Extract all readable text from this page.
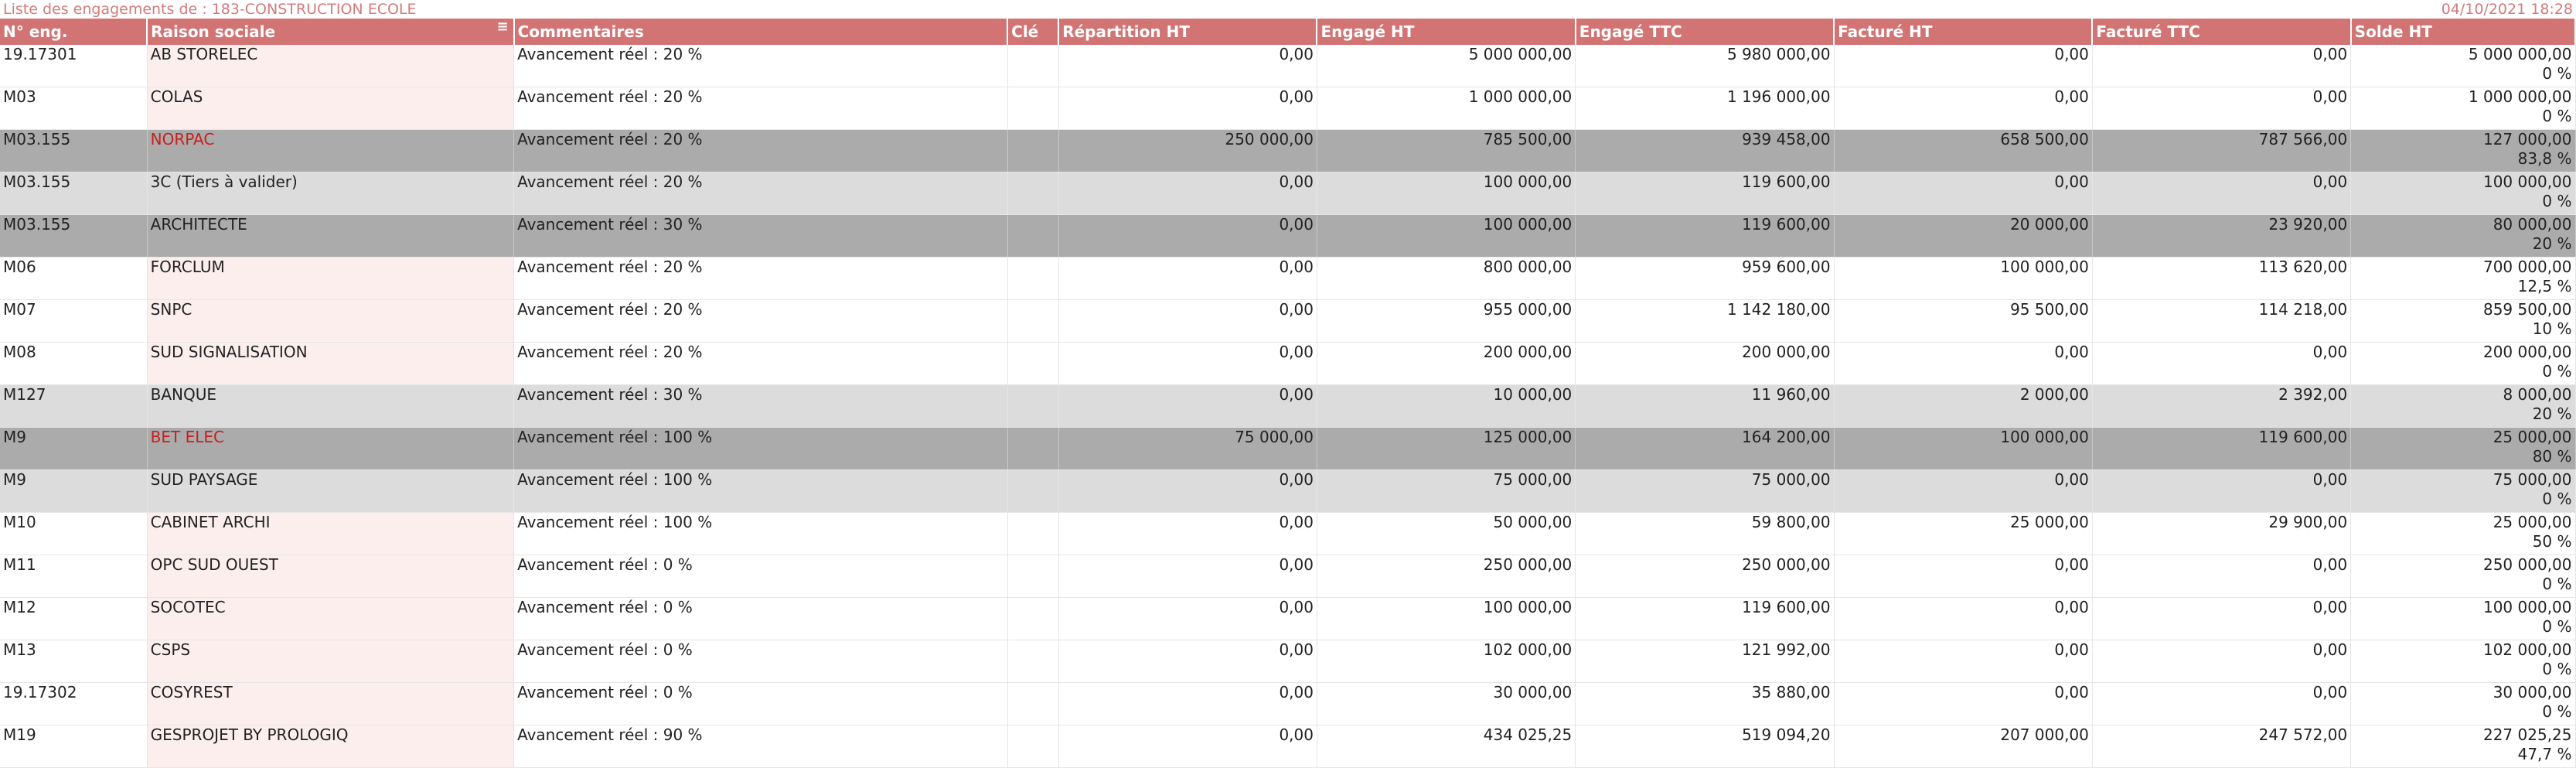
Liste des engagements de : 183-CONSTRUCTION ECOLE	04/10/2021 18:28
N° eng.	Raison sociale ≡	Commentaires	Clé	Répartition HT	Engagé HT	Engagé TTC	Facturé HT	Facturé TTC	Solde HT
19.17301	AB STORELEC	Avancement réel : 20 %		0,00	5 000 000,00	5 980 000,00	0,00	0,00	5 000 000,00
0 %

M03	COLAS	Avancement réel : 20 %		0,00	1 000 000,00	1 196 000,00	0,00	0,00	1 000 000,00
0 %

M03.155	NORPAC	Avancement réel : 20 %		250 000,00	785 500,00	939 458,00	658 500,00	787 566,00	127 000,00
83,8 %

M03.155	3C (Tiers à valider)	Avancement réel : 20 %		0,00	100 000,00	119 600,00	0,00	0,00	100 000,00
0 %

M03.155	ARCHITECTE	Avancement réel : 30 %		0,00	100 000,00	119 600,00	20 000,00	23 920,00	80 000,00
20 %

M06	FORCLUM	Avancement réel : 20 %		0,00	800 000,00	959 600,00	100 000,00	113 620,00	700 000,00
12,5 %

M07	SNPC	Avancement réel : 20 %		0,00	955 000,00	1 142 180,00	95 500,00	114 218,00	859 500,00
10 %

M08	SUD SIGNALISATION	Avancement réel : 20 %		0,00	200 000,00	200 000,00	0,00	0,00	200 000,00
0 %

M127	BANQUE	Avancement réel : 30 %		0,00	10 000,00	11 960,00	2 000,00	2 392,00	8 000,00
20 %

M9	BET ELEC	Avancement réel : 100 %		75 000,00	125 000,00	164 200,00	100 000,00	119 600,00	25 000,00
80 %

M9	SUD PAYSAGE	Avancement réel : 100 %		0,00	75 000,00	75 000,00	0,00	0,00	75 000,00
0 %

M10	CABINET ARCHI	Avancement réel : 100 %		0,00	50 000,00	59 800,00	25 000,00	29 900,00	25 000,00
50 %

M11	OPC SUD OUEST	Avancement réel : 0 %		0,00	250 000,00	250 000,00	0,00	0,00	250 000,00
0 %

M12	SOCOTEC	Avancement réel : 0 %		0,00	100 000,00	119 600,00	0,00	0,00	100 000,00
0 %

M13	CSPS	Avancement réel : 0 %		0,00	102 000,00	121 992,00	0,00	0,00	102 000,00
0 %

19.17302	COSYREST	Avancement réel : 0 %		0,00	30 000,00	35 880,00	0,00	0,00	30 000,00
0 %

M19	GESPROJET BY PROLOGIQ	Avancement réel : 90 %		0,00	434 025,25	519 094,20	207 000,00	247 572,00	227 025,25
47,7 %
